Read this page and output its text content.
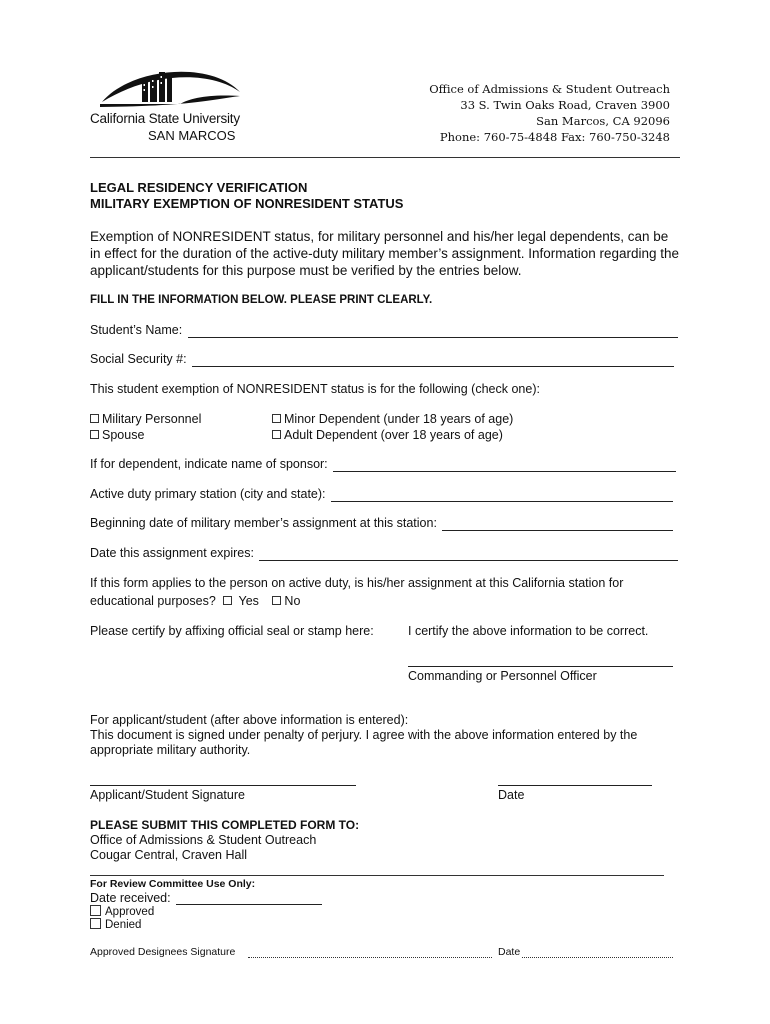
California State University
SAN MARCOS
Office of Admissions & Student Outreach
33 S. Twin Oaks Road, Craven 3900
San Marcos, CA 92096
Phone: 760-75-4848 Fax: 760-750-3248
LEGAL RESIDENCY VERIFICATION
MILITARY EXEMPTION OF NONRESIDENT STATUS
Exemption of NONRESIDENT status, for military personnel and his/her legal dependents, can be in effect for the duration of the active-duty military member’s assignment. Information regarding the applicant/students for this purpose must be verified by the entries below.
FILL IN THE INFORMATION BELOW. PLEASE PRINT CLEARLY.
Student’s Name:
Social Security #:
This student exemption of NONRESIDENT status is for the following (check one):
Military Personnel
Spouse
Minor Dependent (under 18 years of age)
Adult Dependent (over 18 years of age)
If for dependent, indicate name of sponsor:
Active duty primary station (city and state):
Beginning date of military member’s assignment at this station:
Date this assignment expires:
If this form applies to the person on active duty, is his/her assignment at this California station for
educational purposes? Yes No
Please certify by affixing official seal or stamp here:	I certify the above information to be correct.
Commanding or Personnel Officer
For applicant/student (after above information is entered):
This document is signed under penalty of perjury. I agree with the above information entered by the appropriate military authority.
Applicant/Student Signature	Date
PLEASE SUBMIT THIS COMPLETED FORM TO:
Office of Admissions & Student Outreach
Cougar Central, Craven Hall
For Review Committee Use Only:
Date received:
Approved
Denied
Approved Designees Signature	Date
